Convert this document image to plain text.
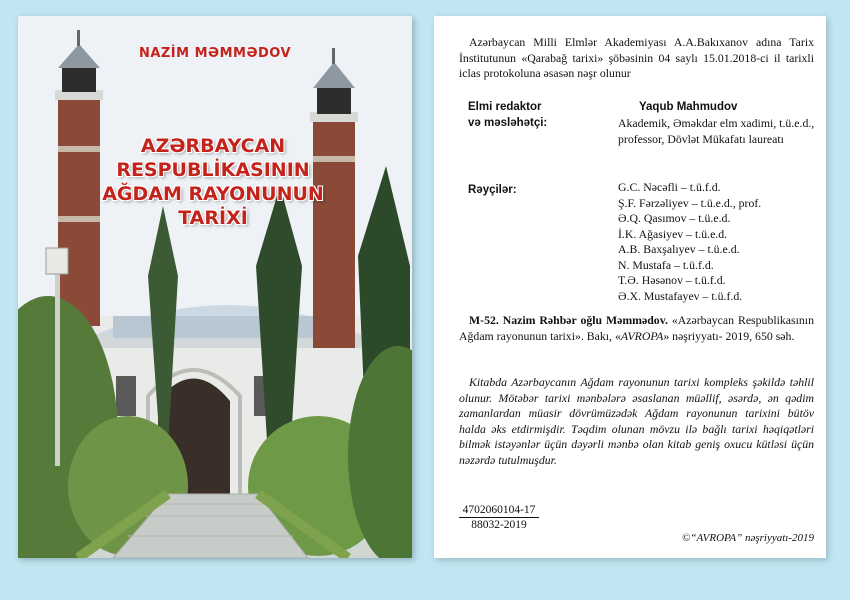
NAZİM MƏMMƏDOV
AZƏRBAYCAN
RESPUBLİKASININ
AĞDAM RAYONUNUN
TARİXİ
Azərbaycan Milli Elmlər Akademiyası A.A.Bakıxanov adına Tarix İnstitutunun «Qarabağ tarixi» şöbəsinin 04 saylı 15.01.2018-ci il tarixli iclas protokoluna əsasən nəşr olunur
Elmi redaktor
və məsləhətçi:
Yaqub Mahmudov
Akademik, Əməkdar elm xadimi, t.ü.e.d., professor, Dövlət Mükafatı laureatı
Rəyçilər:	G.C. Nəcəfli – t.ü.f.d.
Ş.F. Fərzəliyev – t.ü.e.d., prof.
Ə.Q. Qasımov – t.ü.e.d.
İ.K. Ağasiyev – t.ü.e.d.
A.B. Baxşalıyev – t.ü.e.d.
N. Mustafa – t.ü.f.d.
T.Ə. Həsənov – t.ü.f.d.
Ə.X. Mustafayev – t.ü.f.d.
M-52. Nazim Rəhbər oğlu Məmmədov. «Azərbaycan Respublikasının Ağdam rayonunun tarixi». Bakı, «AVROPA» nəşriyyatı- 2019, 650 səh.
Kitabda Azərbaycanın Ağdam rayonunun tarixi kompleks şəkildə təhlil olunur. Mötəbər tarixi mənbələrə əsaslanan müəllif, əsərdə, ən qədim zamanlardan müasir dövrümüzədək Ağdam rayonunun tarixini bütöv halda əks etdirmişdir. Təqdim olunan mövzu ilə bağlı tarixi həqiqətləri bilmək istəyənlər üçün dəyərli mənbə olan kitab geniş oxucu kütləsi üçün nəzərdə tutulmuşdur.
$\frac{4702060104-17}{88032-2019}$
©“AVROPA” nəşriyyatı-2019
